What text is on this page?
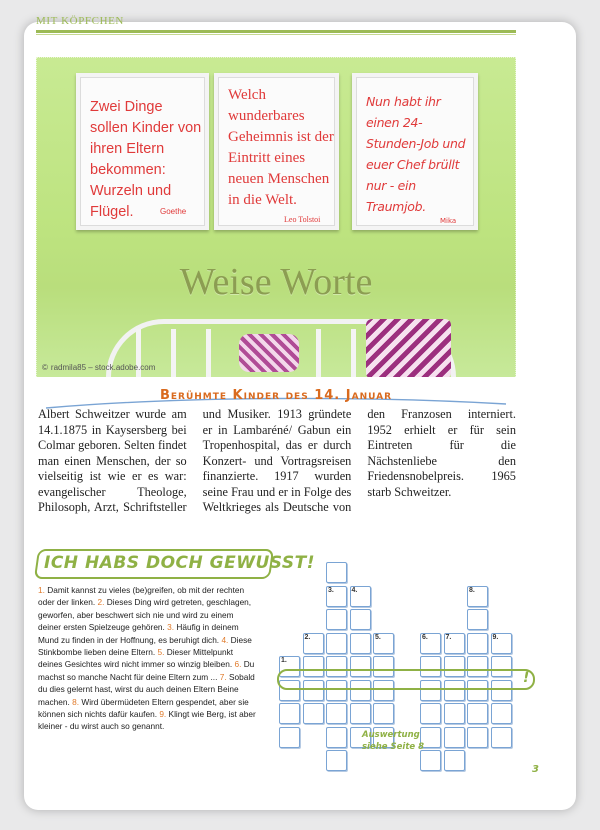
MIT KÖPFCHEN
Zwei Dinge sollen Kinder von ihren Eltern bekommen: Wurzeln und Flügel.	Goethe
Welch wunderbares Geheimnis ist der Eintritt eines neuen Menschen in die Welt.
Leo Tolstoi
Nun habt ihr einen 24-Stunden-Job und euer Chef brüllt nur - ein Traumjob.
Mika
Weise Worte
© radmila85 – stock.adobe.com
Berühmte Kinder des 14. Januar
Albert Schweitzer wurde am 14.1.1875 in Kaysersberg bei Colmar geboren. Selten findet man einen Menschen, der so vielseitig ist wie er es war: evangelischer Theologe, Philosoph, Arzt, Schriftsteller und Musiker. 1913 gründete er in Lambaréné/ Gabun ein Tropenhospital, das er durch Konzert- und Vortragsreisen finanzierte. 1917 wurden seine Frau und er in Folge des Weltkrieges als Deutsche von den Franzosen interniert. 1952 erhielt er für sein Eintreten für die Nächstenliebe den Friedensnobelpreis. 1965 starb Schweitzer.
ICH HABS DOCH GEWUSST!
1. Damit kannst zu vieles (be)greifen, ob mit der rechten oder der linken. 2. Dieses Ding wird getreten, geschlagen, geworfen, aber beschwert sich nie und wird zu einem deiner ersten Spielzeuge gehören. 3. Häufig in deinem Mund zu finden in der Hoffnung, es beruhigt dich. 4. Diese Stinkbombe lieben deine Eltern. 5. Dieser Mittelpunkt deines Gesichtes wird nicht immer so winzig bleiben. 6. Du machst so manche Nacht für deine Eltern zum ... 7. Sobald du dies gelernt hast, wirst du auch deinen Eltern Beine machen. 8. Wird übermüdeten Eltern gespendet, aber sie können sich nichts dafür kaufen. 9. Klingt wie Berg, ist aber kleiner - du wirst auch so genannt.
1.
2.
3.	4.
5.	6.	7.
8.
9.
!
Auswertung siehe Seite 8
3
